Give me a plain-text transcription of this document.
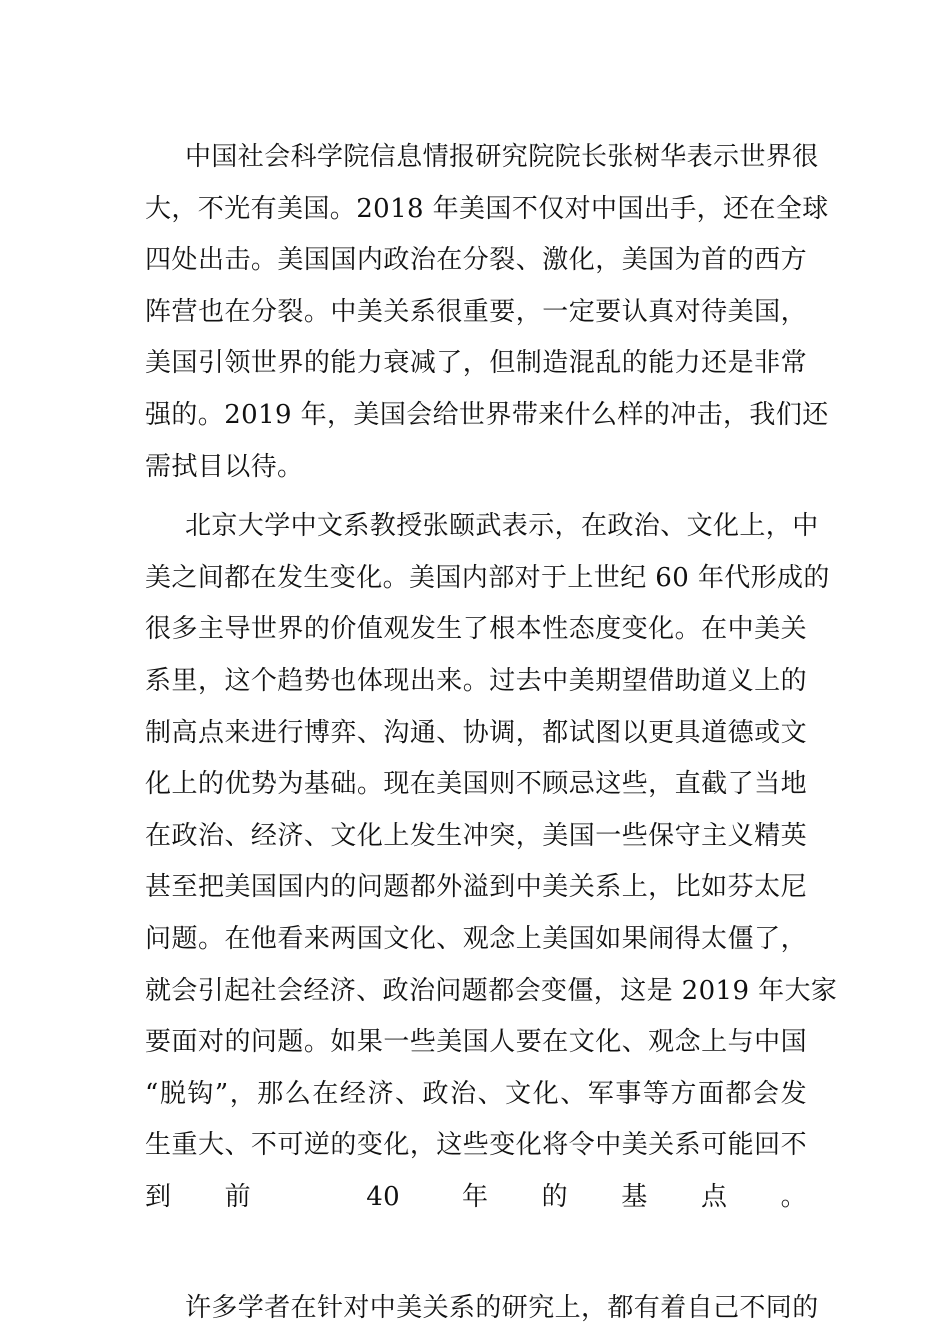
中国社会科学院信息情报研究院院长张树华表示世界很
大，不光有美国。2018 年美国不仅对中国出手，还在全球
四处出击。美国国内政治在分裂、激化，美国为首的西方
阵营也在分裂。中美关系很重要，一定要认真对待美国，
美国引领世界的能力衰减了，但制造混乱的能力还是非常
强的。2019 年，美国会给世界带来什么样的冲击，我们还
需拭目以待。
北京大学中文系教授张颐武表示，在政治、文化上，中
美之间都在发生变化。美国内部对于上世纪 60 年代形成的
很多主导世界的价值观发生了根本性态度变化。在中美关
系里，这个趋势也体现出来。过去中美期望借助道义上的
制高点来进行博弈、沟通、协调，都试图以更具道德或文
化上的优势为基础。现在美国则不顾忌这些，直截了当地
在政治、经济、文化上发生冲突，美国一些保守主义精英
甚至把美国国内的问题都外溢到中美关系上，比如芬太尼
问题。在他看来两国文化、观念上美国如果闹得太僵了，
就会引起社会经济、政治问题都会变僵，这是 2019 年大家
要面对的问题。如果一些美国人要在文化、观念上与中国
“脱钩”，那么在经济、政治、文化、军事等方面都会发
生重大、不可逆的变化，这些变化将令中美关系可能回不
到前 40 年的基点。
许多学者在针对中美关系的研究上，都有着自己不同的
